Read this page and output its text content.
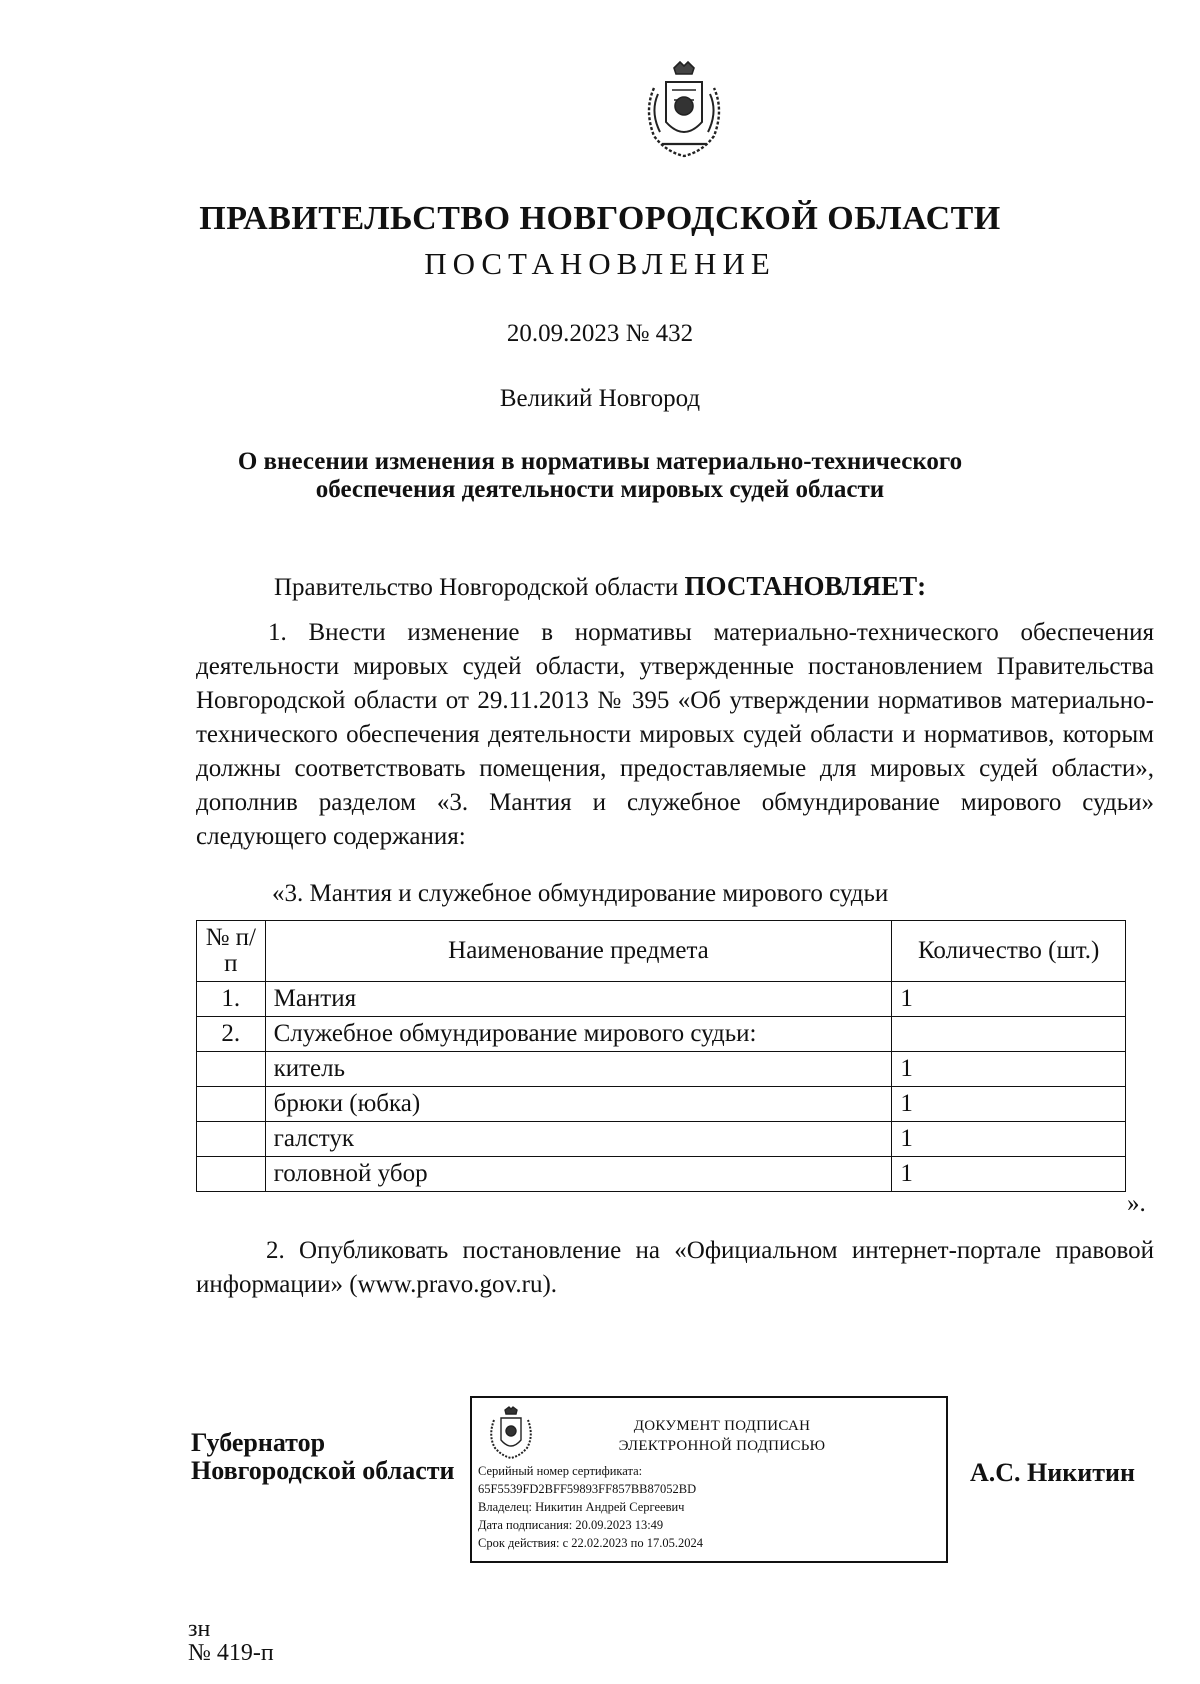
ПРАВИТЕЛЬСТВО НОВГОРОДСКОЙ ОБЛАСТИ
ПОСТАНОВЛЕНИЕ
20.09.2023 № 432
Великий Новгород
О внесении изменения в нормативы материально-технического
обеспечения деятельности мировых судей области
Правительство Новгородской области ПОСТАНОВЛЯЕТ:
1. Внести изменение в нормативы материально-технического обеспечения деятельности мировых судей области, утвержденные постановлением Правительства Новгородской области от 29.11.2013 № 395 «Об утверждении нормативов материально-технического обеспечения деятельности мировых судей области и нормативов, которым должны соответствовать помещения, предоставляемые для мировых судей области», дополнив разделом «3. Мантия и служебное обмундирование мирового судьи» следующего содержания:
«3. Мантия и служебное обмундирование мирового судьи
№ п/п	Наименование предмета	Количество (шт.)
1.	Мантия	1
2.	Служебное обмундирование мирового судьи:	
	китель	1
	брюки (юбка)	1
	галстук	1
	головной убор	1
».
2. Опубликовать постановление на «Официальном интернет-портале правовой информации» (www.pravo.gov.ru).
Губернатор
Новгородской области
ДОКУМЕНТ ПОДПИСАН
ЭЛЕКТРОННОЙ ПОДПИСЬЮ
Серийный номер сертификата:
65F5539FD2BFF59893FF857BB87052BD
Владелец: Никитин Андрей Сергеевич
Дата подписания: 20.09.2023 13:49
Срок действия: с 22.02.2023 по 17.05.2024
А.С. Никитин
зн
№ 419-п
